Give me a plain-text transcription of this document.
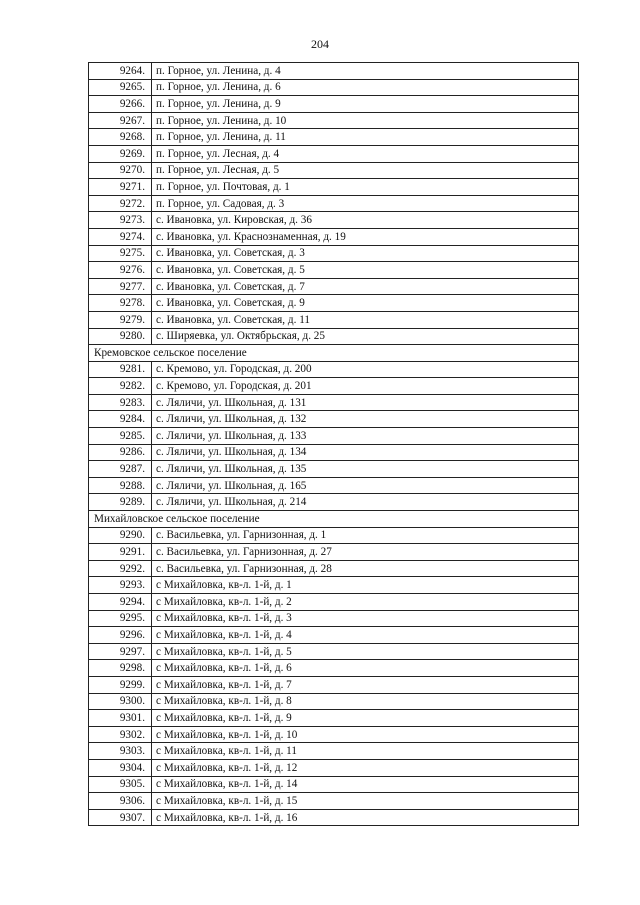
204
9264.	п. Горное, ул. Ленина, д. 4
9265.	п. Горное, ул. Ленина, д. 6
9266.	п. Горное, ул. Ленина, д. 9
9267.	п. Горное, ул. Ленина, д. 10
9268.	п. Горное, ул. Ленина, д. 11
9269.	п. Горное, ул. Лесная, д. 4
9270.	п. Горное, ул. Лесная, д. 5
9271.	п. Горное, ул. Почтовая, д. 1
9272.	п. Горное, ул. Садовая, д. 3
9273.	с. Ивановка, ул. Кировская, д. 36
9274.	с. Ивановка, ул. Краснознаменная, д. 19
9275.	с. Ивановка, ул. Советская, д. 3
9276.	с. Ивановка, ул. Советская, д. 5
9277.	с. Ивановка, ул. Советская, д. 7
9278.	с. Ивановка, ул. Советская, д. 9
9279.	с. Ивановка, ул. Советская, д. 11
9280.	с. Ширяевка, ул. Октябрьская, д. 25
Кремовское сельское поселение	
9281.	с. Кремово, ул. Городская, д. 200
9282.	с. Кремово, ул. Городская, д. 201
9283.	с. Ляличи, ул. Школьная, д. 131
9284.	с. Ляличи, ул. Школьная, д. 132
9285.	с. Ляличи, ул. Школьная, д. 133
9286.	с. Ляличи, ул. Школьная, д. 134
9287.	с. Ляличи, ул. Школьная, д. 135
9288.	с. Ляличи, ул. Школьная, д. 165
9289.	с. Ляличи, ул. Школьная, д. 214
Михайловское сельское поселение	
9290.	с. Васильевка, ул. Гарнизонная, д. 1
9291.	с. Васильевка, ул. Гарнизонная, д. 27
9292.	с. Васильевка, ул. Гарнизонная, д. 28
9293.	с Михайловка, кв-л. 1-й, д. 1
9294.	с Михайловка, кв-л. 1-й, д. 2
9295.	с Михайловка, кв-л. 1-й, д. 3
9296.	с Михайловка, кв-л. 1-й, д. 4
9297.	с Михайловка, кв-л. 1-й, д. 5
9298.	с Михайловка, кв-л. 1-й, д. 6
9299.	с Михайловка, кв-л. 1-й, д. 7
9300.	с Михайловка, кв-л. 1-й, д. 8
9301.	с Михайловка, кв-л. 1-й, д. 9
9302.	с Михайловка, кв-л. 1-й, д. 10
9303.	с Михайловка, кв-л. 1-й, д. 11
9304.	с Михайловка, кв-л. 1-й, д. 12
9305.	с Михайловка, кв-л. 1-й, д. 14
9306.	с Михайловка, кв-л. 1-й, д. 15
9307.	с Михайловка, кв-л. 1-й, д. 16
